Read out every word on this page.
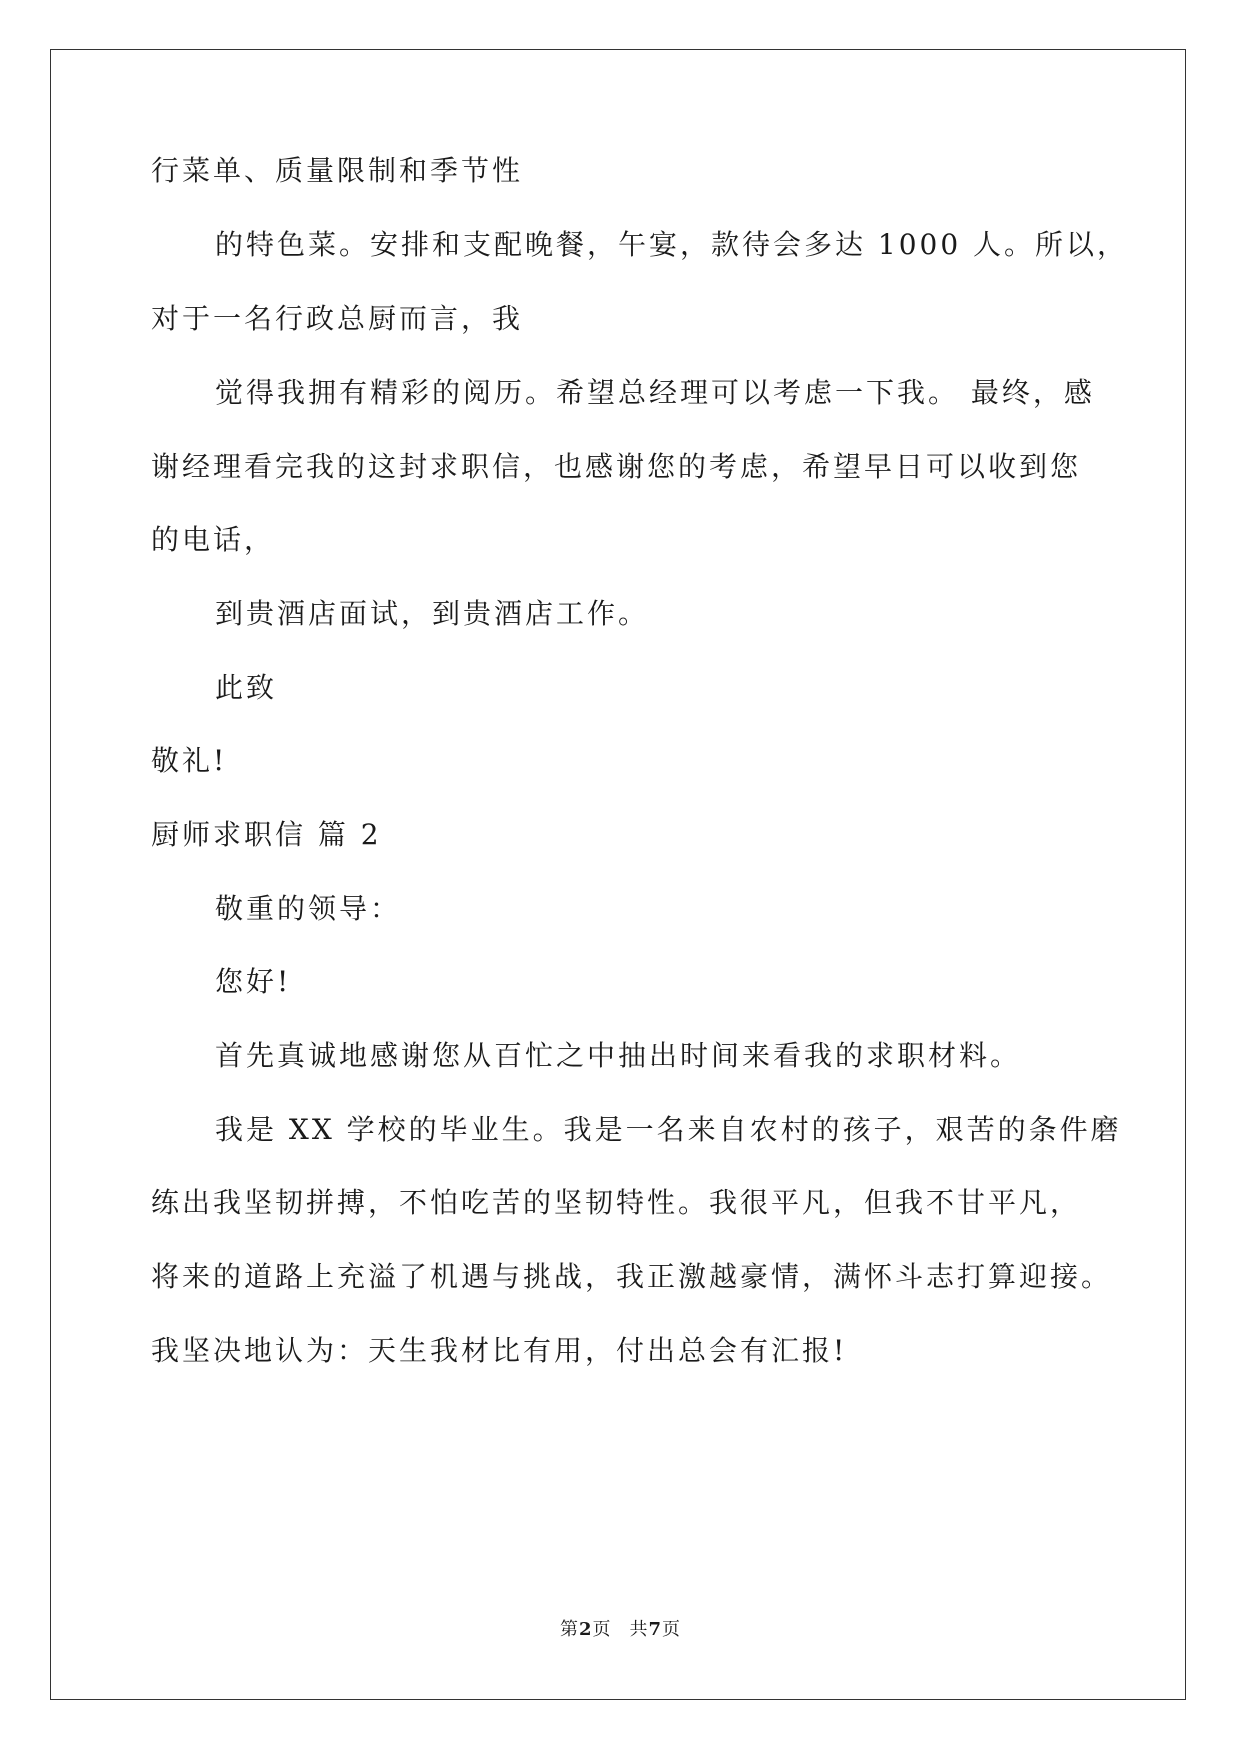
行菜单、质量限制和季节性
的特色菜。安排和支配晚餐，午宴，款待会多达 1000 人。所以，
对于一名行政总厨而言，我
觉得我拥有精彩的阅历。希望总经理可以考虑一下我。 最终，感
谢经理看完我的这封求职信，也感谢您的考虑，希望早日可以收到您
的电话，
到贵酒店面试，到贵酒店工作。
此致
敬礼!
厨师求职信 篇 2
敬重的领导：
您好!
首先真诚地感谢您从百忙之中抽出时间来看我的求职材料。
我是 XX 学校的毕业生。我是一名来自农村的孩子，艰苦的条件磨
练出我坚韧拼搏，不怕吃苦的坚韧特性。我很平凡，但我不甘平凡，
将来的道路上充溢了机遇与挑战，我正激越豪情，满怀斗志打算迎接。
我坚决地认为：天生我材比有用，付出总会有汇报!
第2页 共7页
